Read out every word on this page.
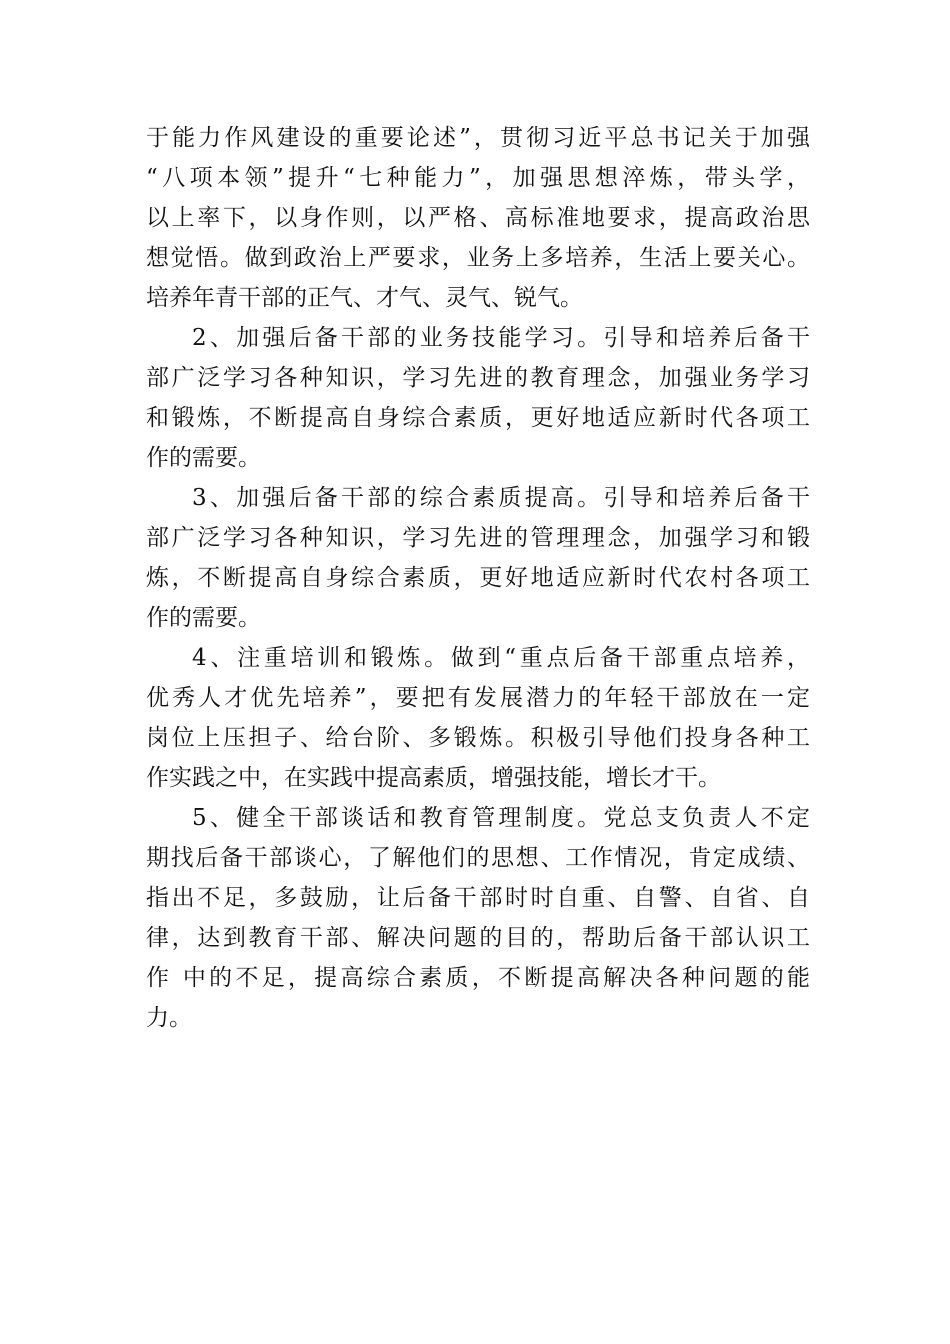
于能力作风建设的重要论述”，贯彻习近平总书记关于加强
“八项本领”提升“七种能力”，加强思想淬炼，带头学，
以上率下，以身作则，以严格、高标准地要求，提高政治思
想觉悟。做到政治上严要求，业务上多培养，生活上要关心。
培养年青干部的正气、才气、灵气、锐气。
2、加强后备干部的业务技能学习。引导和培养后备干
部广泛学习各种知识，学习先进的教育理念，加强业务学习
和锻炼，不断提高自身综合素质，更好地适应新时代各项工
作的需要。
3、加强后备干部的综合素质提高。引导和培养后备干
部广泛学习各种知识，学习先进的管理理念，加强学习和锻
炼，不断提高自身综合素质，更好地适应新时代农村各项工
作的需要。
4、注重培训和锻炼。做到“重点后备干部重点培养，
优秀人才优先培养”，要把有发展潜力的年轻干部放在一定
岗位上压担子、给台阶、多锻炼。积极引导他们投身各种工
作实践之中，在实践中提高素质，增强技能，增长才干。
5、健全干部谈话和教育管理制度。党总支负责人不定
期找后备干部谈心，了解他们的思想、工作情况，肯定成绩、
指出不足，多鼓励，让后备干部时时自重、自警、自省、自
律，达到教育干部、解决问题的目的，帮助后备干部认识工
作 中的不足，提高综合素质，不断提高解决各种问题的能
力。
